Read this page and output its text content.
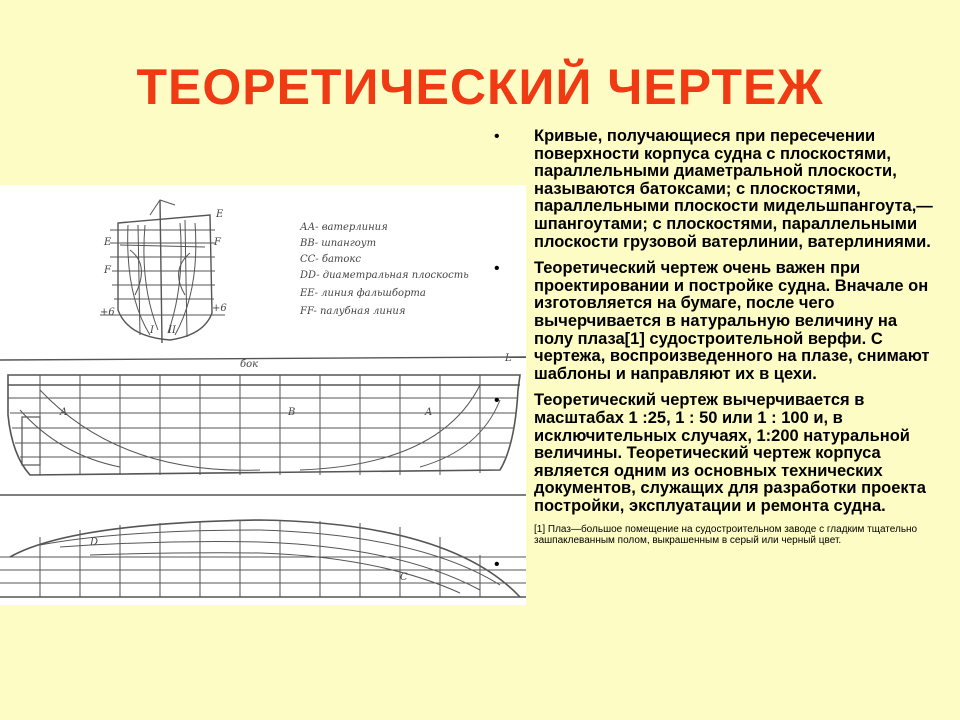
ТЕОРЕТИЧЕСКИЙ ЧЕРТЕЖ
АА- ватерлиния
ВВ- шпангоут
СС- батокс
DD- диаметральная плоскость
ЕЕ- линия фальшборта
FF- палубная линия
бок
E
E
F
F
+6	+6
I II
L
B	A
A
D
C
• Кривые, получающиеся при пересечении поверхности корпуса судна с плоскостями, параллельными диаметральной плоскости, называются батоксами; с плоскостями, параллельными плоскости мидельшпангоута,— шпангоутами; с плоскостями, параллельными плоскости грузовой ватерлинии, ватерлиниями.
• Теоретический чертеж очень важен при проектировании и постройке судна. Вначале он изготовляется на бумаге, после чего вычерчивается в натуральную величину на полу плаза[1] судостроительной верфи. С чертежа, воспроизведенного на плазе, снимают шаблоны и направляют их в цехи.
• Теоретический чертеж вычерчивается в масштабах 1 :25, 1 : 50 или 1 : 100 и, в исключительных случаях, 1:200 натуральной величины. Теоретический чертеж корпуса является одним из основных технических документов, служащих для разработки проекта постройки, эксплуатации и ремонта судна.
[1] Плаз—большое помещение на судостроительном заводе с гладким тщательно зашпаклеванным полом, выкрашенным в серый или черный цвет.
•
